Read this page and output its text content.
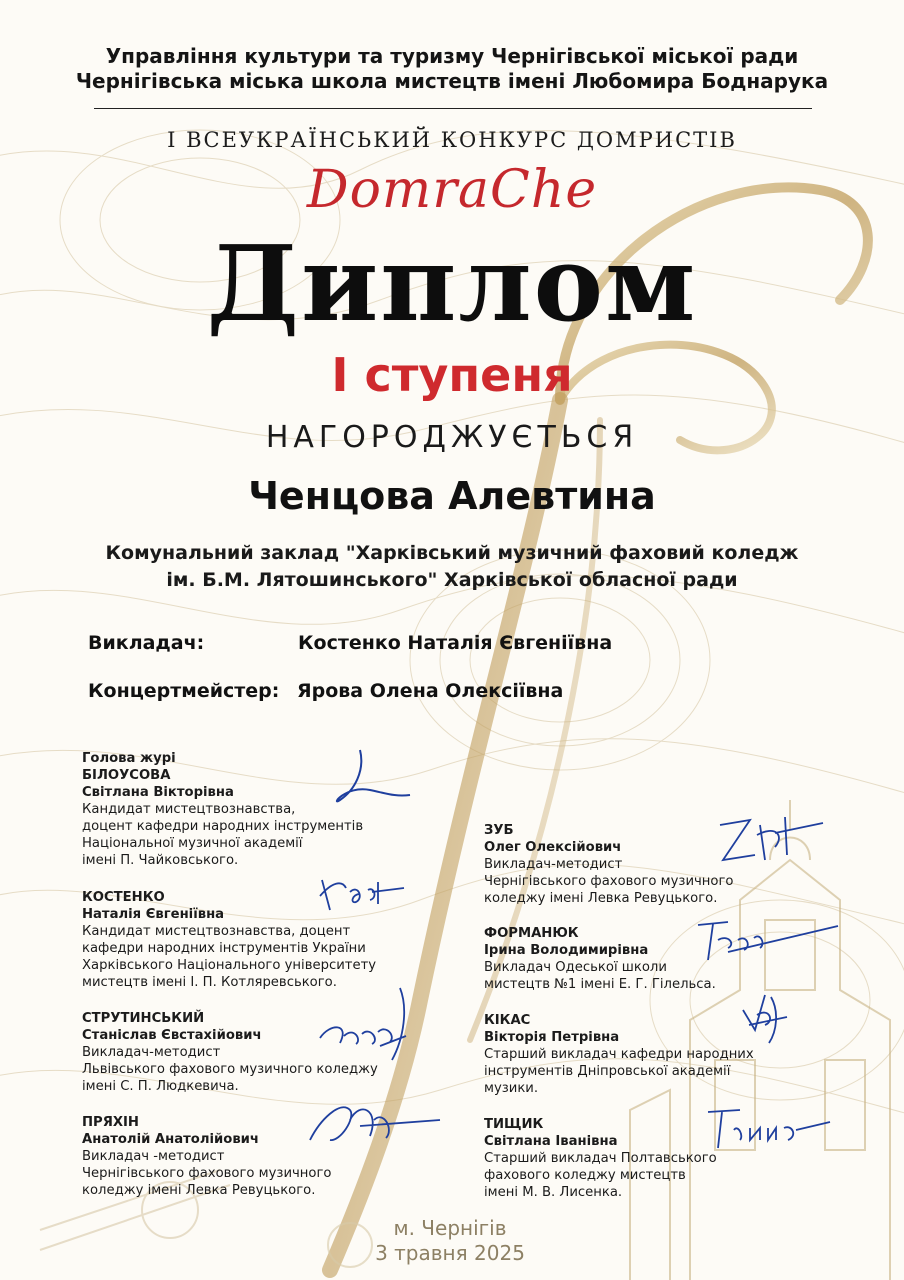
Управління культури та туризму Чернігівської міської ради
Чернігівська міська школа мистецтв імені Любомира Боднарука
І ВСЕУКРАЇНСЬКИЙ КОНКУРС ДОМРИСТІВ
DomraChe
Диплом
І ступеня
НАГОРОДЖУЄТЬСЯ
Ченцова Алевтина
Комунальний заклад "Харківський музичний фаховий коледж
ім. Б.М. Лятошинського" Харківської обласної ради
Викладач:	Костенко Наталія Євгеніївна
Концертмейстер: Ярова Олена Олексіївна
Голова журі
БІЛОУСОВА
Світлана Вікторівна
Кандидат мистецтвознавства,
доцент кафедри народних інструментів
Національної музичної академії
імені П. Чайковського.
КОСТЕНКО
Наталія Євгеніївна
Кандидат мистецтвознавства, доцент
кафедри народних інструментів України
Харківського Національного університету
мистецтв імені І. П. Котляревського.
СТРУТИНСЬКИЙ
Станіслав Євстахійович
Викладач-методист
Львівського фахового музичного коледжу
імені С. П. Людкевича.
ПРЯХІН
Анатолій Анатолійович
Викладач -методист
Чернігівського фахового музичного
коледжу імені Левка Ревуцького.
ЗУБ
Олег Олексійович
Викладач-методист
Чернігівського фахового музичного
коледжу імені Левка Ревуцького.
ФОРМАНЮК
Ірина Володимирівна
Викладач Одеської школи
мистецтв №1 імені Е. Г. Гілельса.
КІКАС
Вікторія Петрівна
Старший викладач кафедри народних
інструментів Дніпровської академії
музики.
ТИЩИК
Світлана Іванівна
Старший викладач Полтавського
фахового коледжу мистецтв
імені М. В. Лисенка.
м. Чернігів
3 травня 2025
